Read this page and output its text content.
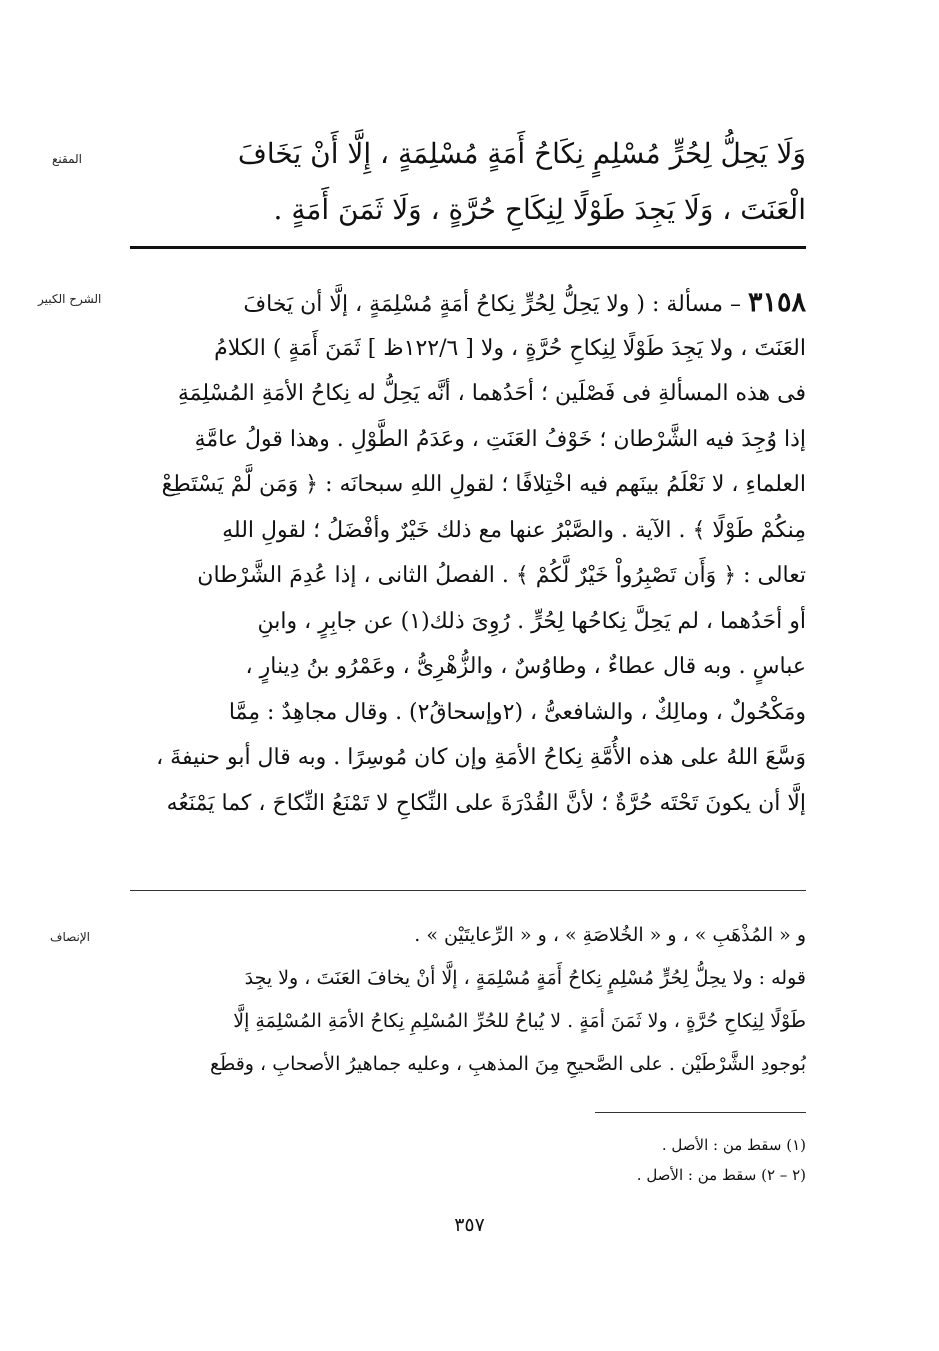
المقنع
الشرح الكبير
الإنصاف
وَلَا يَحِلُّ لِحُرٍّ مُسْلِمٍ نِكَاحُ أَمَةٍ مُسْلِمَةٍ ، إِلَّا أَنْ يَخَافَ
الْعَنَتَ ، وَلَا يَجِدَ طَوْلًا لِنِكَاحِ حُرَّةٍ ، وَلَا ثَمَنَ أَمَةٍ .
٣١٥٨ – مسألة : ( ولا يَحِلُّ لِحُرٍّ نِكاحُ أمَةٍ مُسْلِمَةٍ ، إلَّا أن يَخافَ
العَنَتَ ، ولا يَجِدَ طَوْلًا لِنِكاحِ حُرَّةٍ ، ولا [ ١٢٢/٦ظ ] ثَمَنَ أَمَةٍ ) الكلامُ
فى هذه المسألةِ فى فَصْلَين ؛ أحَدُهما ، أنَّه يَحِلُّ له نِكاحُ الأمَةِ المُسْلِمَةِ
إذا وُجِدَ فيه الشَّرْطان ؛ خَوْفُ العَنَتِ ، وعَدَمُ الطَّوْلِ . وهذا قولُ عامَّةِ
العلماءِ ، لا نَعْلَمُ بينَهم فيه اخْتِلافًا ؛ لقولِ اللهِ سبحانَه : ﴿ وَمَن لَّمْ يَسْتَطِعْ
مِنكُمْ طَوْلًا ﴾ . الآية . والصَّبْرُ عنها مع ذلك خَيْرٌ وأفْضَلُ ؛ لقولِ اللهِ
تعالى : ﴿ وَأَن تَصْبِرُواْ خَيْرٌ لَّكُمْ ﴾ . الفصلُ الثانى ، إذا عُدِمَ الشَّرْطان
أو أحَدُهما ، لم يَحِلَّ نِكاحُها لِحُرٍّ . رُوِىَ ذلك(١) عن جابِرٍ ، وابنِ
عباسٍ . وبه قال عطاءٌ ، وطاوُسٌ ، والزُّهْرِىُّ ، وعَمْرُو بنُ دِينارٍ ،
ومَكْحُولٌ ، ومالِكٌ ، والشافعىُّ ، (٢وإسحاقُ٢) . وقال مجاهِدٌ : مِمَّا
وَسَّعَ اللهُ على هذه الأُمَّةِ نِكاحُ الأمَةِ وإن كان مُوسِرًا . وبه قال أبو حنيفةَ ،
إلَّا أن يكونَ تَحْتَه حُرَّةٌ ؛ لأنَّ القُدْرَةَ على النِّكاحِ لا تَمْنَعُ النِّكاحَ ، كما يَمْنَعُه
و « المُذْهَبِ » ، و « الخُلاصَةِ » ، و « الرِّعايتَيْن » .
قوله : ولا يحِلُّ لِحُرٍّ مُسْلِمٍ نِكاحُ أَمَةٍ مُسْلِمَةٍ ، إلَّا أنْ يخافَ العَنَتَ ، ولا يجِدَ
طَوْلًا لِنِكاحِ حُرَّةٍ ، ولا ثَمَنَ أمَةٍ . لا يُباحُ للحُرِّ المُسْلِمِ نِكاحُ الأمَةِ المُسْلِمَةِ إلَّا
بُوجودِ الشَّرْطَيْن . على الصَّحيحِ مِنَ المذهبِ ، وعليه جماهيرُ الأصحابِ ، وقطَع
(١) سقط من : الأصل .
(٢ – ٢) سقط من : الأصل .
٣٥٧
